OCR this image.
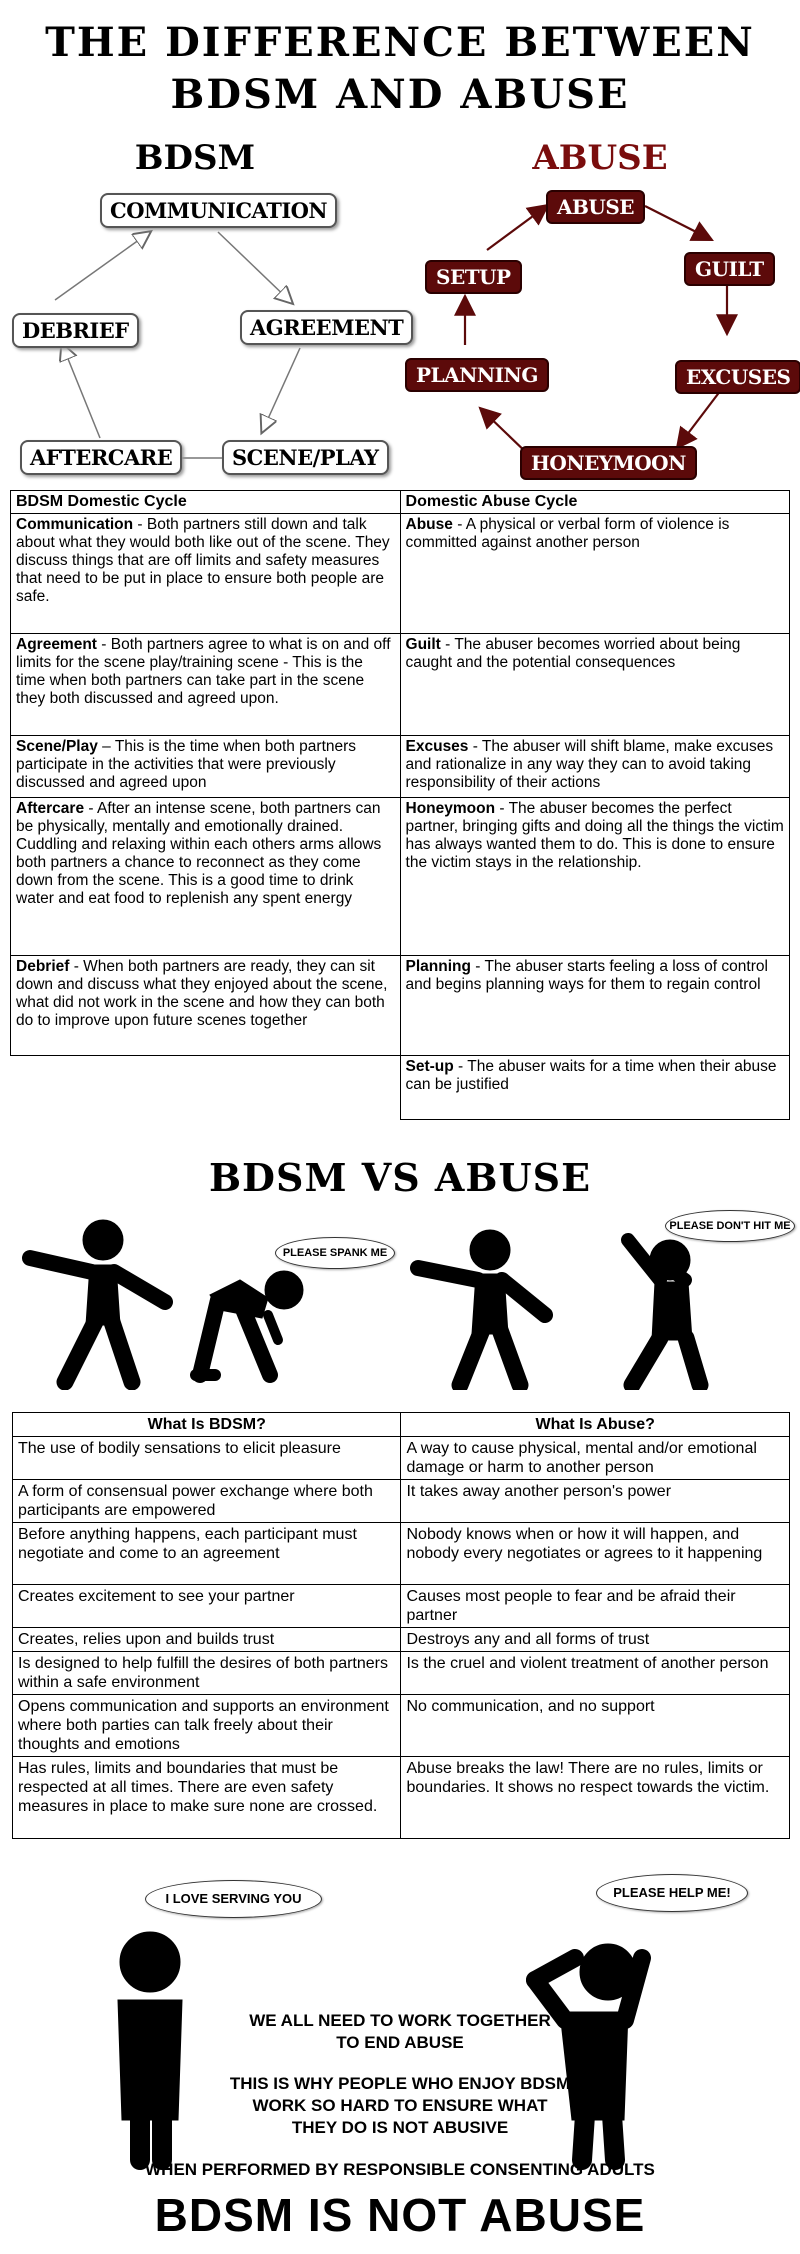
THE DIFFERENCE BETWEEN
BDSM AND ABUSE
BDSM
COMMUNICATION
AGREEMENT
SCENE/PLAY
AFTERCARE
DEBRIEF
ABUSE
ABUSE
GUILT
EXCUSES
HONEYMOON
PLANNING
SETUP
BDSM Domestic Cycle	Domestic Abuse Cycle
Communication - Both partners still down and talk about what they would both like out of the scene. They discuss things that are off limits and safety measures that need to be put in place to ensure both people are safe.	Abuse - A physical or verbal form of violence is committed against another person
Agreement - Both partners agree to what is on and off limits for the scene play/training scene - This is the time when both partners can take part in the scene they both discussed and agreed upon.	Guilt - The abuser becomes worried about being caught and the potential consequences
Scene/Play – This is the time when both partners participate in the activities that were previously discussed and agreed upon	Excuses - The abuser will shift blame, make excuses and rationalize in any way they can to avoid taking responsibility of their actions
Aftercare - After an intense scene, both partners can be physically, mentally and emotionally drained. Cuddling and relaxing within each others arms allows both partners a chance to reconnect as they come down from the scene. This is a good time to drink water and eat food to replenish any spent energy	Honeymoon - The abuser becomes the perfect partner, bringing gifts and doing all the things the victim has always wanted them to do. This is done to ensure the victim stays in the relationship.
Debrief - When both partners are ready, they can sit down and discuss what they enjoyed about the scene, what did not work in the scene and how they can both do to improve upon future scenes together	Planning - The abuser starts feeling a loss of control and begins planning ways for them to regain control
	Set-up - The abuser waits for a time when their abuse can be justified
BDSM VS ABUSE
PLEASE SPANK ME
PLEASE DON'T HIT ME
What Is BDSM?	What Is Abuse?
The use of bodily sensations to elicit pleasure	A way to cause physical, mental and/or emotional damage or harm to another person
A form of consensual power exchange where both participants are empowered	It takes away another person's power
Before anything happens, each participant must negotiate and come to an agreement	Nobody knows when or how it will happen, and nobody every negotiates or agrees to it happening
Creates excitement to see your partner	Causes most people to fear and be afraid their partner
Creates, relies upon and builds trust	Destroys any and all forms of trust
Is designed to help fulfill the desires of both partners within a safe environment	Is the cruel and violent treatment of another person
Opens communication and supports an environment where both parties can talk freely about their thoughts and emotions	No communication, and no support
Has rules, limits and boundaries that must be respected at all times. There are even safety measures in place to make sure none are crossed.	Abuse breaks the law! There are no rules, limits or boundaries. It shows no respect towards the victim.
I LOVE SERVING YOU	PLEASE HELP ME!
WE ALL NEED TO WORK TOGETHER
TO END ABUSE
THIS IS WHY PEOPLE WHO ENJOY BDSM
WORK SO HARD TO ENSURE WHAT
THEY DO IS NOT ABUSIVE
WHEN PERFORMED BY RESPONSIBLE CONSENTING ADULTS
BDSM IS NOT ABUSE
